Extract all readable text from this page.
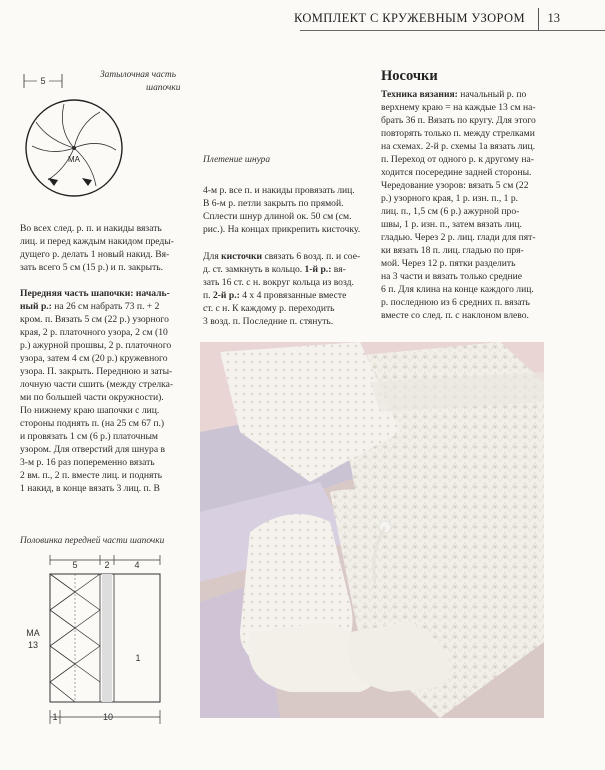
КОМПЛЕКТ С КРУЖЕВНЫМ УЗОРОМ 13
Затылочная часть
шапочки
5
МА
Во всех след. р. п. и накиды вязать
лиц. и перед каждым накидом преды-
дущего р. делать 1 новый накид. Вя-
зать всего 5 см (15 р.) и п. закрыть.
Передняя часть шапочки: началь-
ный р.: на 26 см набрать 73 п. + 2
кром. п. Вязать 5 см (22 р.) узорного
края, 2 р. платочного узора, 2 см (10
р.) ажурной прошвы, 2 р. платочного
узора, затем 4 см (20 р.) кружевного
узора. П. закрыть. Переднюю и заты-
лочную части сшить (между стрелка-
ми по большей части окружности).
По нижнему краю шапочки с лиц.
стороны поднять п. (на 25 см 67 п.)
и провязать 1 см (6 р.) платочным
узором. Для отверстий для шнура в
3-м р. 16 раз попеременно вязать
2 вм. п., 2 п. вместе лиц. и поднять
1 накид, в конце вязать 3 лиц. п. В
Половинка передней части шапочки
5	2	4
МА
13
1
1	10
Плетение шнура
4-м р. все п. и накиды провязать лиц.
В 6-м р. петли закрыть по прямой.
Сплести шнур длиной ок. 50 см (см.
рис.). На концах прикрепить кисточку.
Для кисточки связать 6 возд. п. и сое-
д. ст. замкнуть в кольцо. 1-й р.: вя-
зать 16 ст. с н. вокруг кольца из возд.
п. 2-й р.: 4 x 4 провязанные вместе
ст. с н. К каждому р. переходить
3 возд. п. Последние п. стянуть.
Носочки
Техника вязания: начальный р. по
верхнему краю = на каждые 13 см на-
брать 36 п. Вязать по кругу. Для этого
повторять только п. между стрелками
на схемах. 2-й р. схемы 1а вязать лиц.
п. Переход от одного р. к другому на-
ходится посередине задней стороны.
Чередование узоров: вязать 5 см (22
р.) узорного края, 1 р. изн. п., 1 р.
лиц. п., 1,5 см (6 р.) ажурной про-
швы, 1 р. изн. п., затем вязать лиц.
гладью. Через 2 р. лиц. глади для пят-
ки вязать 18 п. лиц. гладью по пря-
мой. Через 12 р. пятки разделить
на 3 части и вязать только средние
6 п. Для клина на конце каждого лиц.
р. последнюю из 6 средних п. вязать
вместе со след. п. с наклоном влево.
